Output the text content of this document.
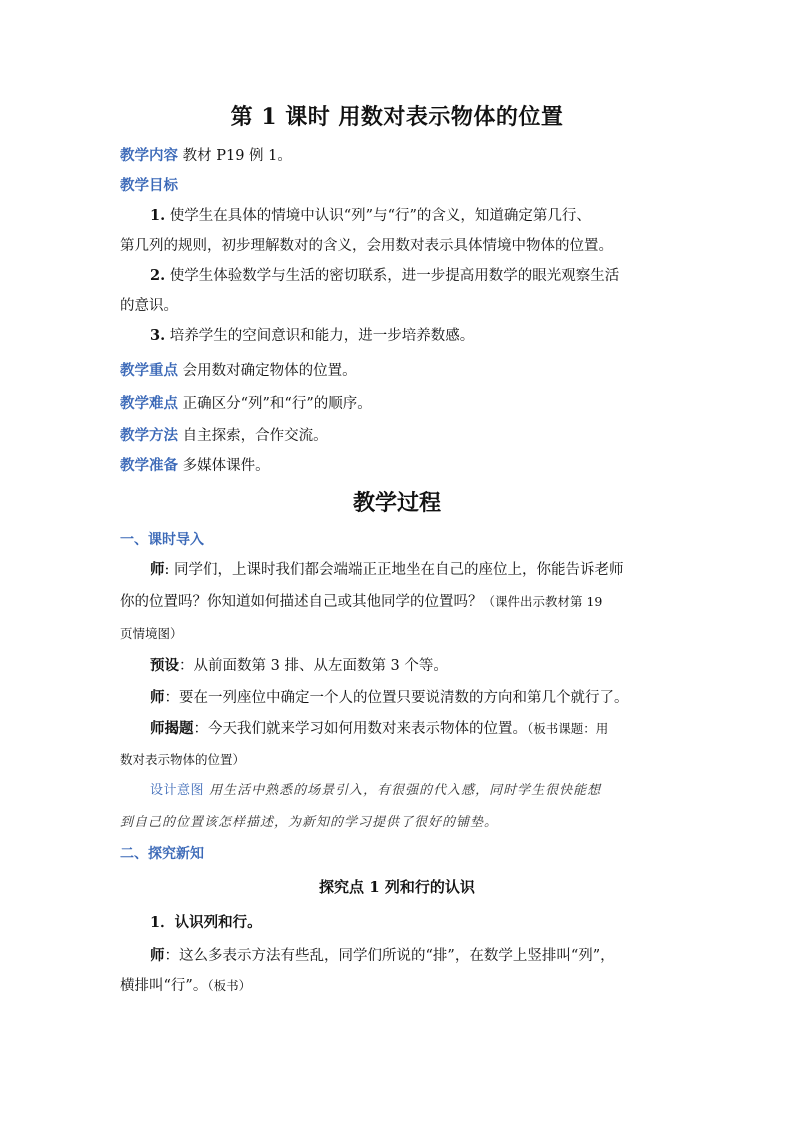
第 1 课时 用数对表示物体的位置
教学内容 教材 P19 例 1。
教学目标
1. 使学生在具体的情境中认识“列”与“行”的含义，知道确定第几行、
第几列的规则，初步理解数对的含义，会用数对表示具体情境中物体的位置。
2. 使学生体验数学与生活的密切联系，进一步提高用数学的眼光观察生活
的意识。
3. 培养学生的空间意识和能力，进一步培养数感。
教学重点 会用数对确定物体的位置。
教学难点 正确区分“列”和“行”的顺序。
教学方法 自主探索，合作交流。
教学准备 多媒体课件。
教学过程
一、课时导入
师: 同学们，上课时我们都会端端正正地坐在自己的座位上，你能告诉老师
你的位置吗？你知道如何描述自己或其他同学的位置吗？（课件出示教材第 19
页情境图）
预设：从前面数第 3 排、从左面数第 3 个等。
师：要在一列座位中确定一个人的位置只要说清数的方向和第几个就行了。
师揭题：今天我们就来学习如何用数对来表示物体的位置。（板书课题：用
数对表示物体的位置）
设计意图 用生活中熟悉的场景引入，有很强的代入感，同时学生很快能想
到自己的位置该怎样描述，为新知的学习提供了很好的铺垫。
二、探究新知
探究点 1 列和行的认识
1．认识列和行。
师：这么多表示方法有些乱，同学们所说的“排”，在数学上竖排叫“列”，
横排叫“行”。（板书）
